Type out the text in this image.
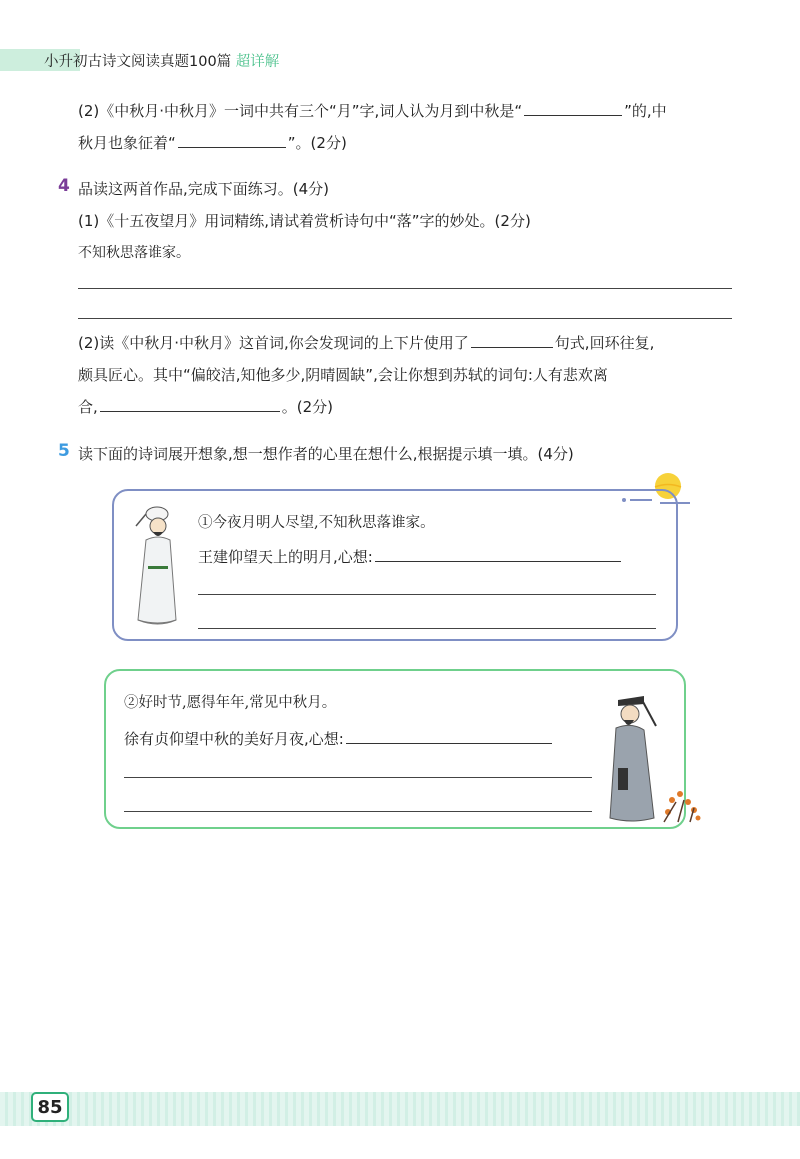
小升初古诗文阅读真题100篇 超详解
(2)《中秋月·中秋月》一词中共有三个“月”字,词人认为月到中秋是“	”的,中
秋月也象征着“	”。(2分)
4 品读这两首作品,完成下面练习。(4分)
(1)《十五夜望月》用词精练,请试着赏析诗句中“落”字的妙处。(2分)
不知秋思落谁家。
(2)读《中秋月·中秋月》这首词,你会发现词的上下片使用了	句式,回环往复,
颇具匠心。其中“偏皎洁,知他多少,阴晴圆缺”,会让你想到苏轼的词句:人有悲欢离
合,	。(2分)
5 读下面的诗词展开想象,想一想作者的心里在想什么,根据提示填一填。(4分)
①今夜月明人尽望,不知秋思落谁家。
王建仰望天上的明月,心想:
②好时节,愿得年年,常见中秋月。
徐有贞仰望中秋的美好月夜,心想:
85
